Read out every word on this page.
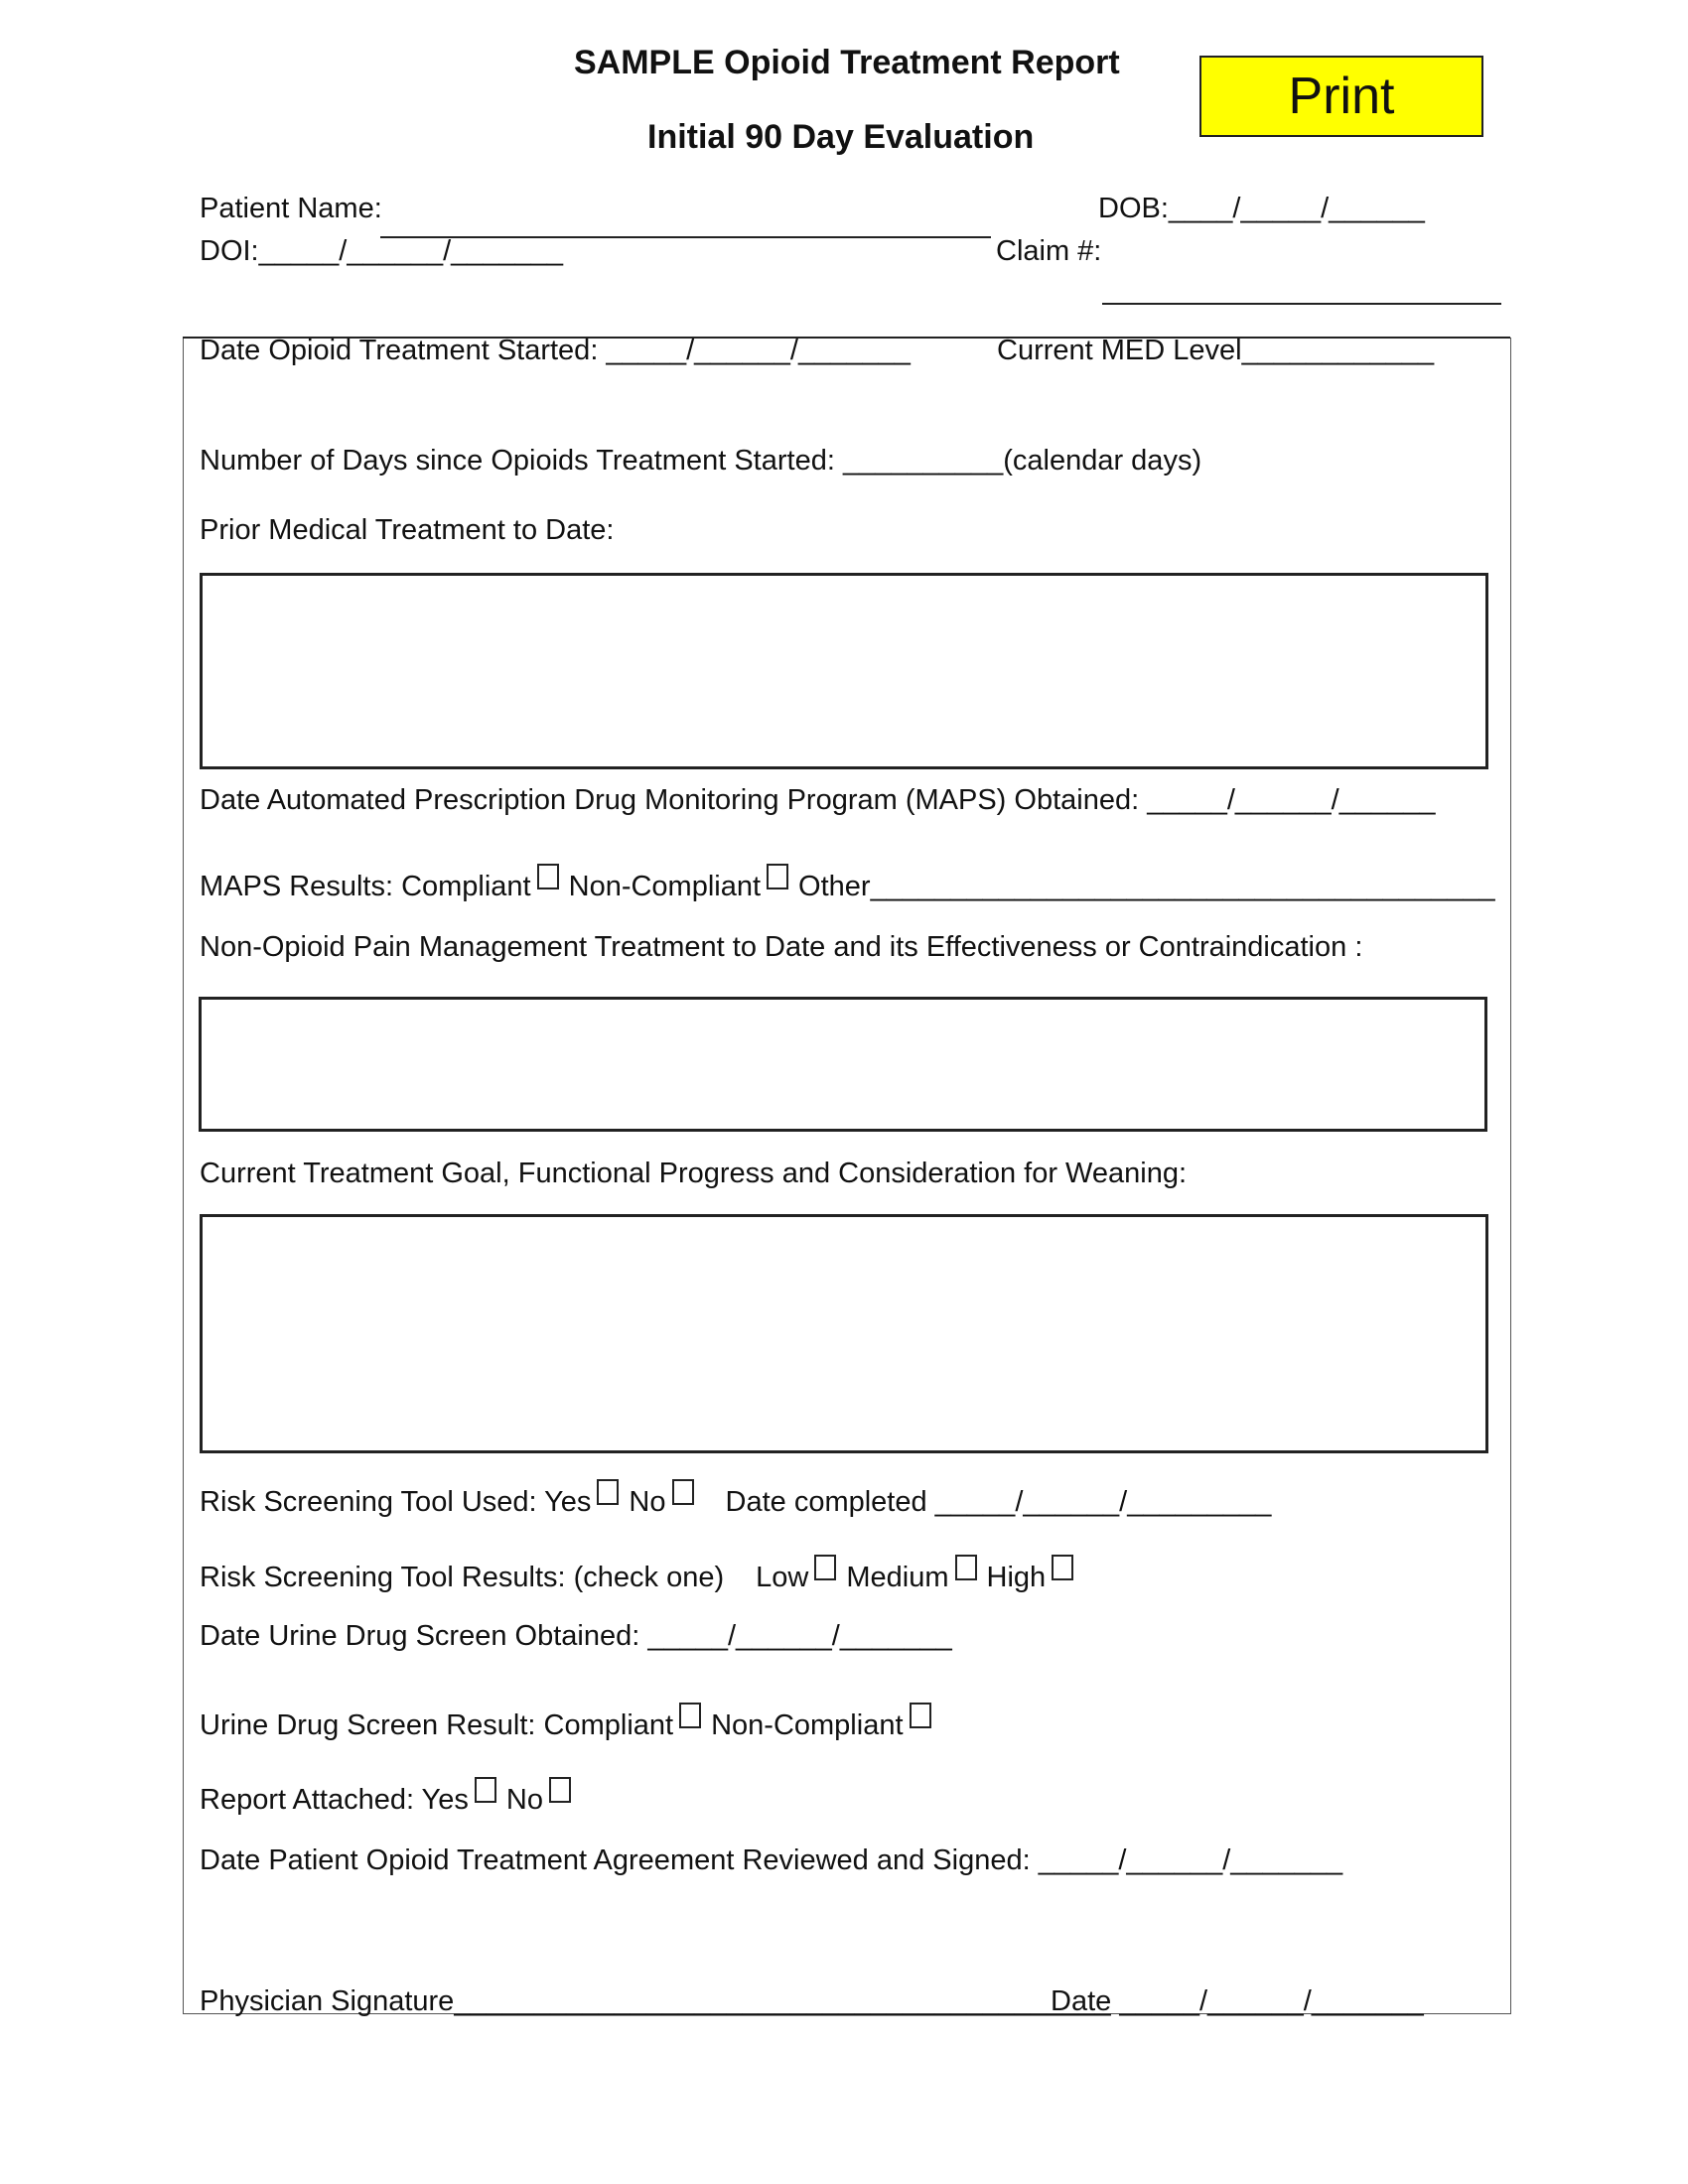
SAMPLE Opioid Treatment Report
Initial 90 Day Evaluation
Print
Patient Name:	DOB:____/_____/______
DOI:_____/______/_______	Claim #:
Date Opioid Treatment Started: _____/______/_______	Current MED Level____________
Number of Days since Opioids Treatment Started: __________(calendar days)
Prior Medical Treatment to Date:
Date Automated Prescription Drug Monitoring Program (MAPS) Obtained: _____/______/______
MAPS Results: Compliant Non-Compliant Other_______________________________________
Non-Opioid Pain Management Treatment to Date and its Effectiveness or Contraindication :
Current Treatment Goal, Functional Progress and Consideration for Weaning:
Risk Screening Tool Used: Yes No Date completed _____/______/_________
Risk Screening Tool Results: (check one) Low Medium High
Date Urine Drug Screen Obtained: _____/______/_______
Urine Drug Screen Result: Compliant Non-Compliant
Report Attached: Yes No
Date Patient Opioid Treatment Agreement Reviewed and Signed: _____/______/_______
Physician Signature_________________________________________
Date _____/______/_______
